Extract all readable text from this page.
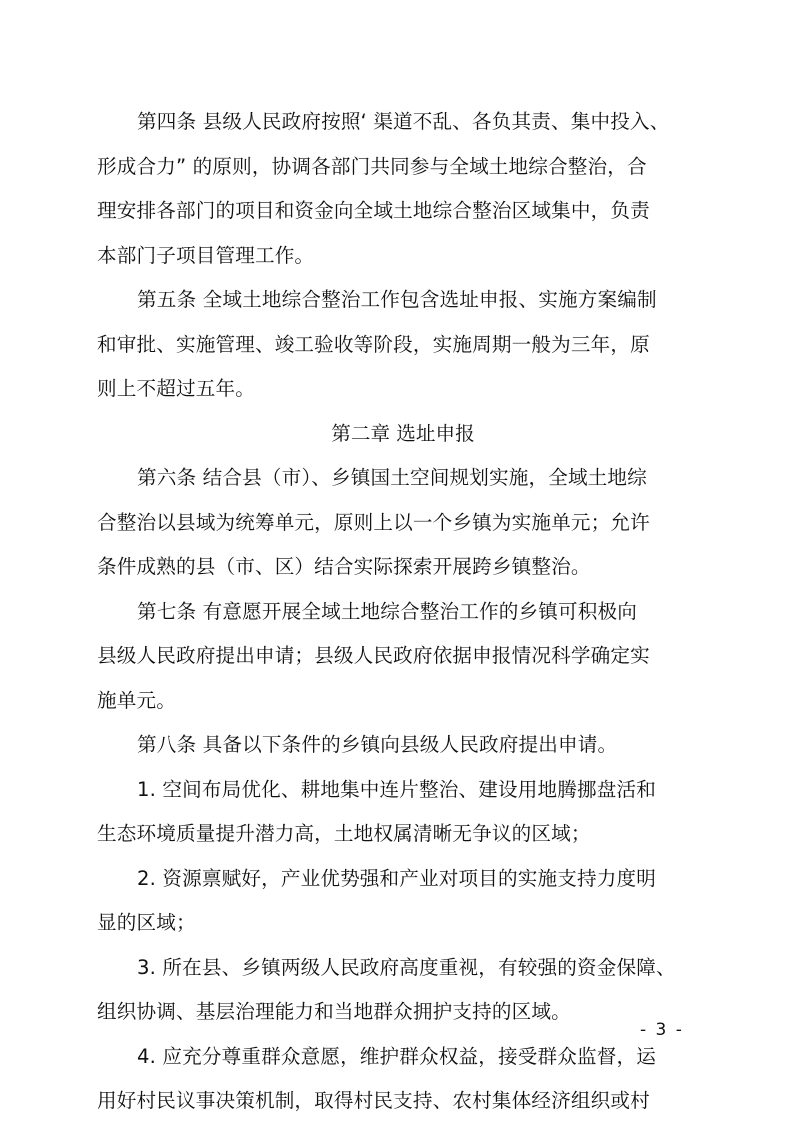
第四条 县级人民政府按照‘ 渠道不乱、各负其责、集中投入、
形成合力” 的原则，协调各部门共同参与全域土地综合整治，合
理安排各部门的项目和资金向全域土地综合整治区域集中，负责
本部门子项目管理工作。

第五条 全域土地综合整治工作包含选址申报、实施方案编制
和审批、实施管理、竣工验收等阶段，实施周期一般为三年，原
则上不超过五年。

第二章 选址申报

第六条 结合县（市）、乡镇国土空间规划实施，全域土地综
合整治以县域为统筹单元，原则上以一个乡镇为实施单元；允许
条件成熟的县（市、区）结合实际探索开展跨乡镇整治。

第七条 有意愿开展全域土地综合整治工作的乡镇可积极向
县级人民政府提出申请；县级人民政府依据申报情况科学确定实
施单元。

第八条 具备以下条件的乡镇向县级人民政府提出申请。

1. 空间布局优化、耕地集中连片整治、建设用地腾挪盘活和
生态环境质量提升潜力高，土地权属清晰无争议的区域；

2. 资源禀赋好，产业优势强和产业对项目的实施支持力度明
显的区域；

3. 所在县、乡镇两级人民政府高度重视，有较强的资金保障、
组织协调、基层治理能力和当地群众拥护支持的区域。

4. 应充分尊重群众意愿，维护群众权益，接受群众监督，运
用好村民议事决策机制，取得村民支持、农村集体经济组织或村

- 3 -
